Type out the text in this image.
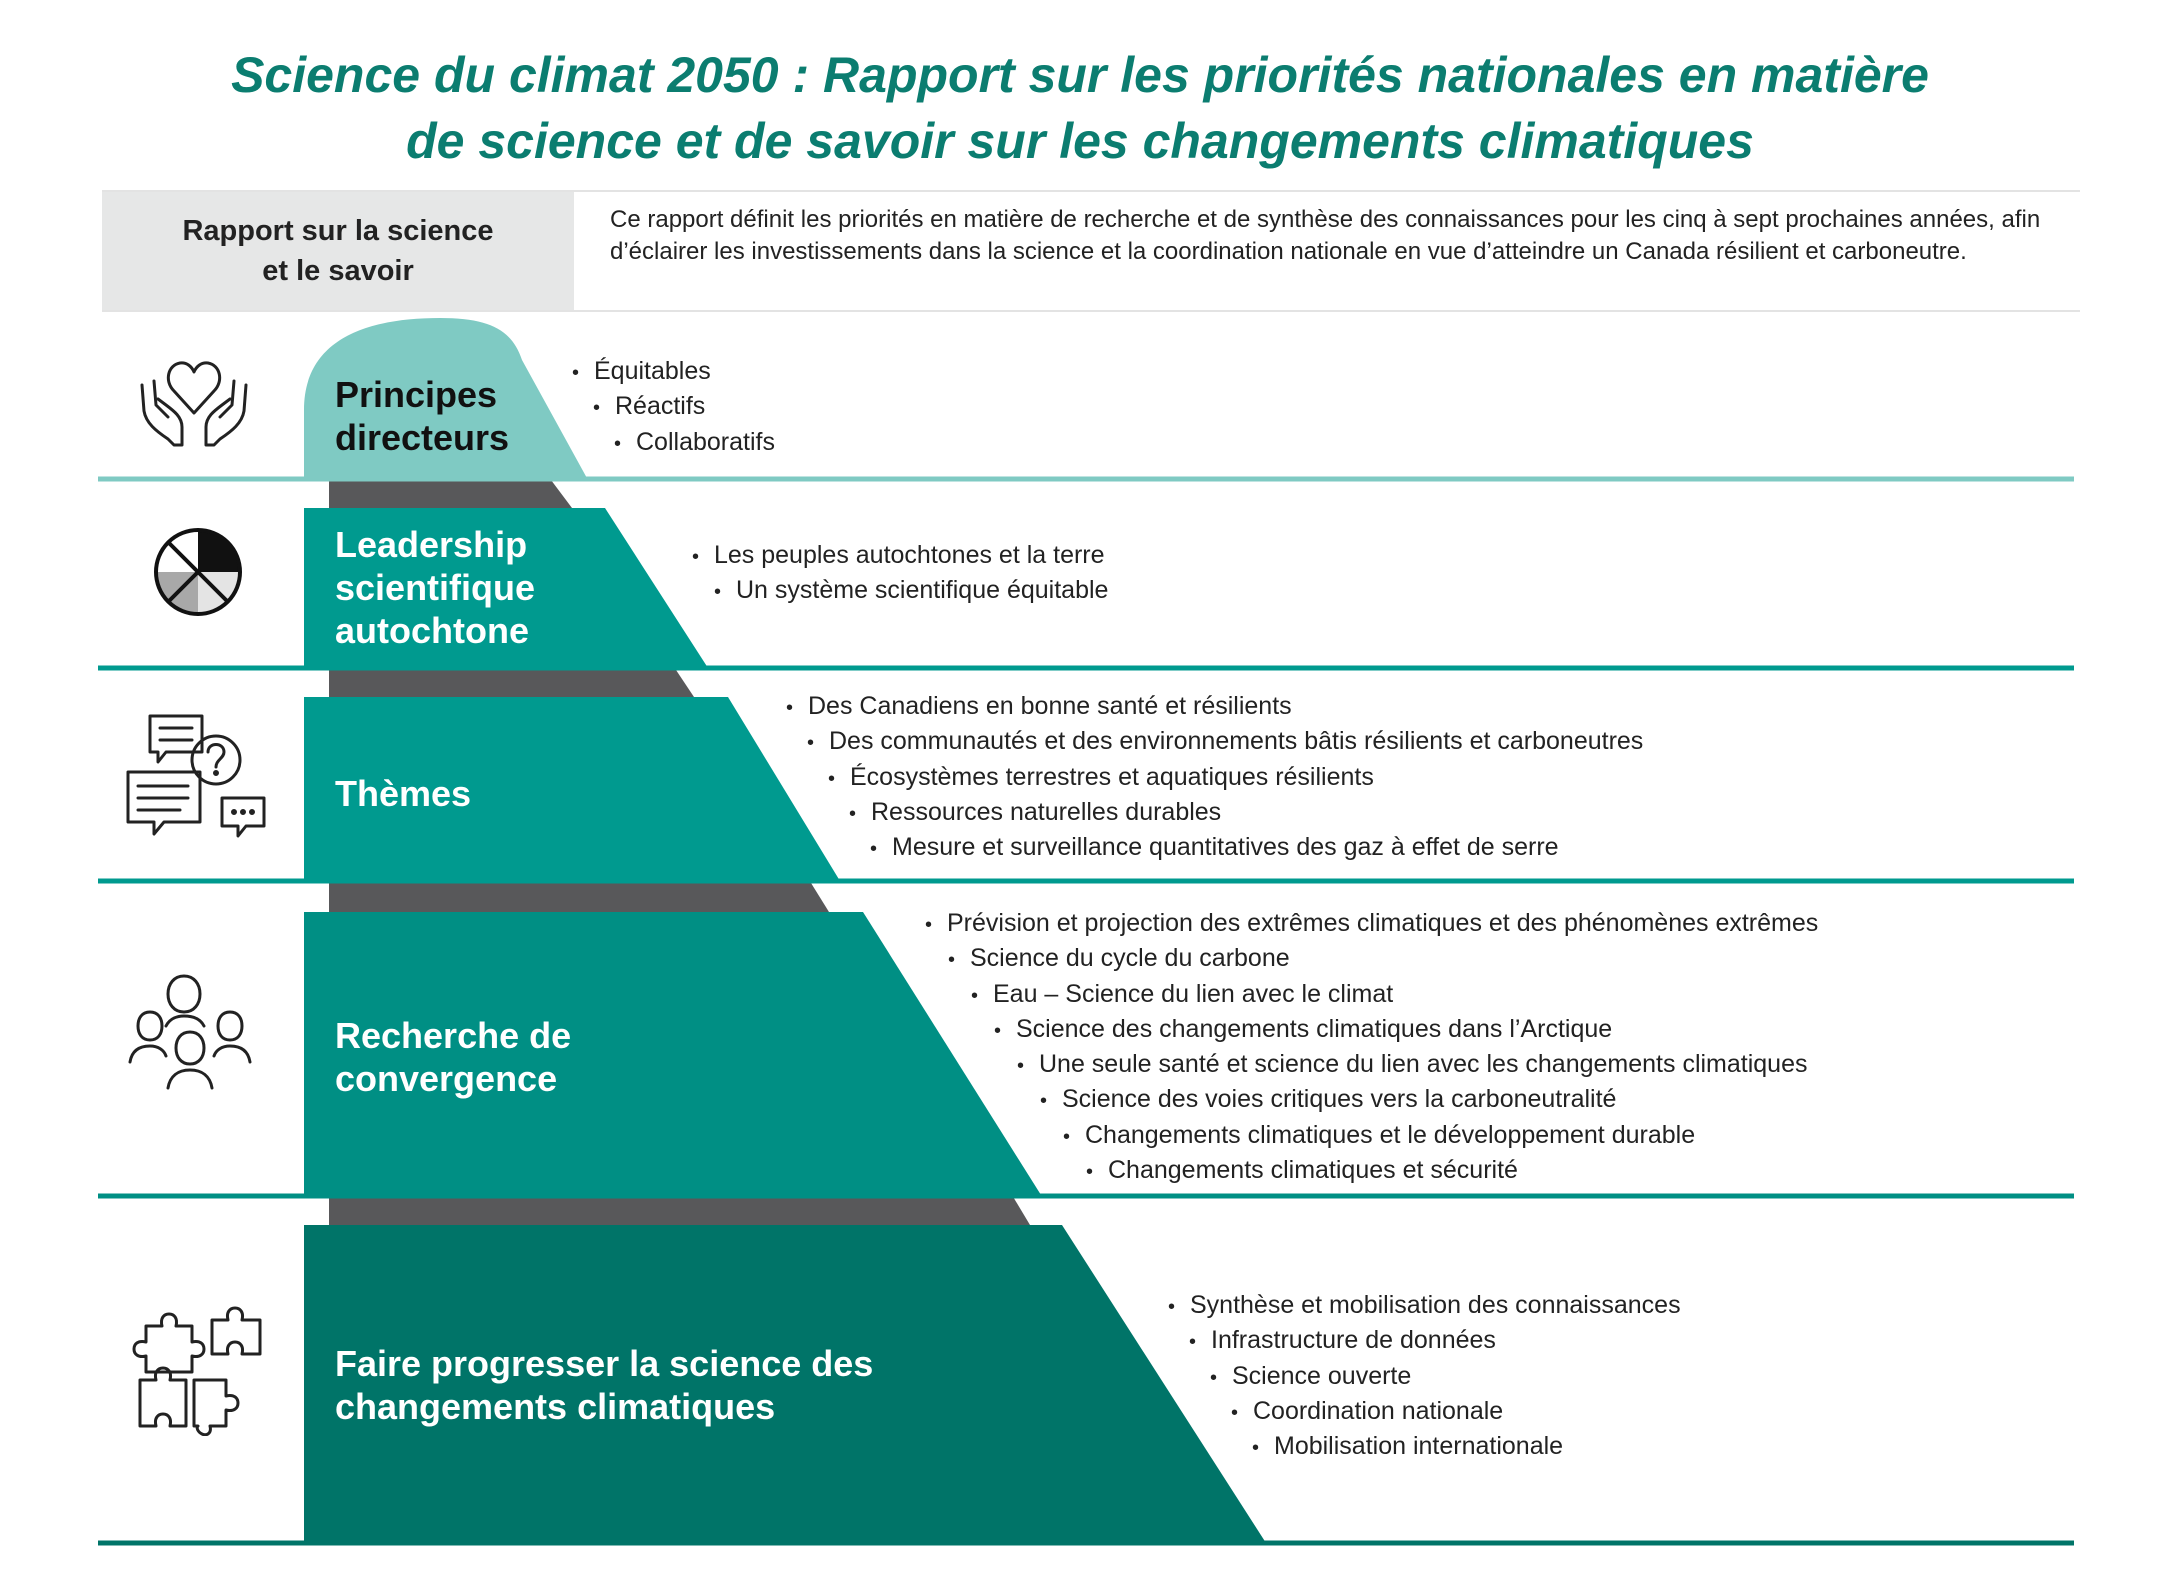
Science du climat 2050 : Rapport sur les priorités nationales en matière
de science et de savoir sur les changements climatiques
Rapport sur la science
et le savoir
Ce rapport définit les priorités en matière de recherche et de synthèse des connaissances pour les cinq à sept prochaines années, afin d’éclairer les investissements dans la science et la coordination nationale en vue d’atteindre un Canada résilient et carboneutre.
Principes
directeurs
Leadership
scientifique
autochtone
Thèmes
Recherche de
convergence
Faire progresser la science des
changements climatiques
• Équitables
• Réactifs
• Collaboratifs
• Les peuples autochtones et la terre
• Un système scientifique équitable
• Des Canadiens en bonne santé et résilients
• Des communautés et des environnements bâtis résilients et carboneutres
• Écosystèmes terrestres et aquatiques résilients
• Ressources naturelles durables
• Mesure et surveillance quantitatives des gaz à effet de serre
• Prévision et projection des extrêmes climatiques et des phénomènes extrêmes
• Science du cycle du carbone
• Eau – Science du lien avec le climat
• Science des changements climatiques dans l’Arctique
• Une seule santé et science du lien avec les changements climatiques
• Science des voies critiques vers la carboneutralité
• Changements climatiques et le développement durable
• Changements climatiques et sécurité
• Synthèse et mobilisation des connaissances
• Infrastructure de données
• Science ouverte
• Coordination nationale
• Mobilisation internationale
